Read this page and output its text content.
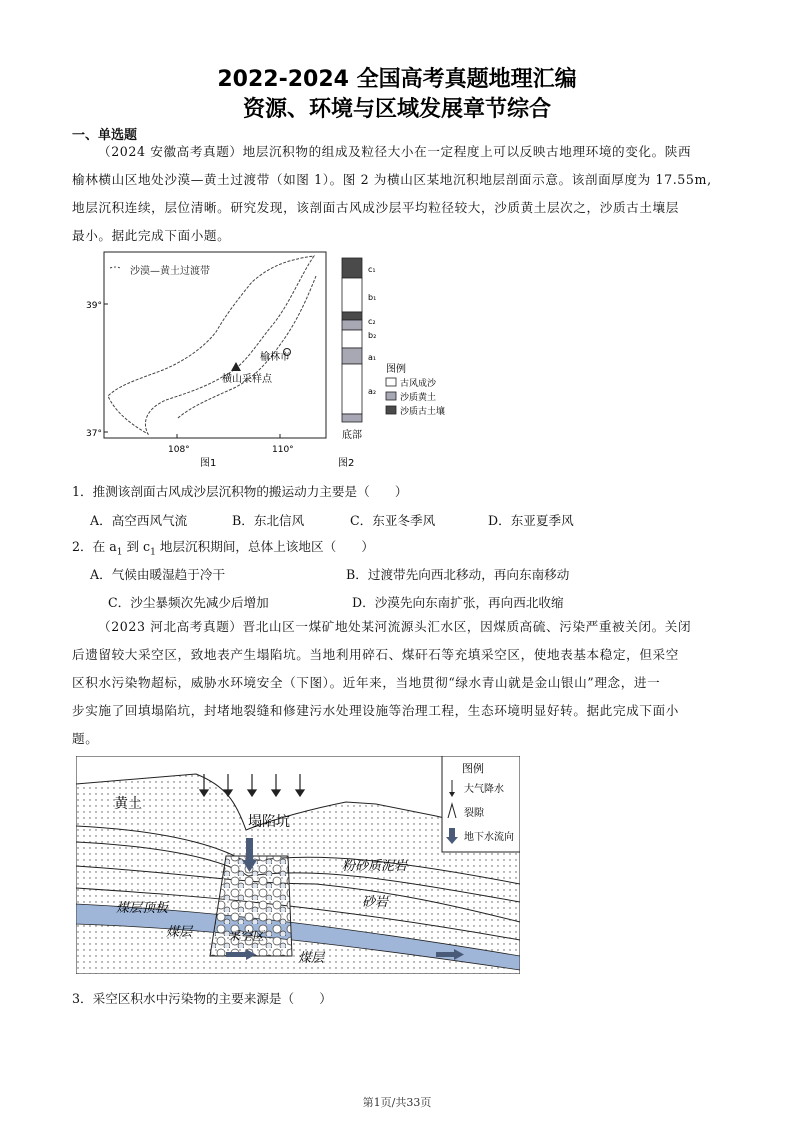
2022-2024 全国高考真题地理汇编
资源、环境与区域发展章节综合
一、单选题

（2024 安徽高考真题）地层沉积物的组成及粒径大小在一定程度上可以反映古地理环境的变化。陕西

榆林横山区地处沙漠—黄土过渡带（如图 1）。图 2 为横山区某地沉积地层剖面示意。该剖面厚度为 17.55m,

地层沉积连续，层位清晰。研究发现，该剖面古风成沙层平均粒径较大，沙质黄土层次之，沙质古土壤层

最小。据此完成下面小题。

沙漠—黄土过渡带
榆林市
横山采样点
39°
37°
108°	110°
图1
c₁
b₁
c₂
b₂
a₁
a₂
底部
图例
古风成沙
沙质黄土
沙质古土壤
图2
1．推测该剖面古风成沙层沉积物的搬运动力主要是（　　）
A．高空西风气流	B．东北信风	C．东亚冬季风	D．东亚夏季风
2．在 $a_1$ 到 $c_1$ 地层沉积期间，总体上该地区（　　）
A．气候由暖湿趋于冷干	B．过渡带先向西北移动，再向东南移动
C．沙尘暴频次先减少后增加	D．沙漠先向东南扩张，再向西北收缩

（2023 河北高考真题）晋北山区一煤矿地处某河流源头汇水区，因煤质高硫、污染严重被关闭。关闭

后遗留较大采空区，致地表产生塌陷坑。当地利用碎石、煤矸石等充填采空区，使地表基本稳定，但采空

区积水污染物超标，威胁水环境安全（下图）。近年来，当地贯彻“绿水青山就是金山银山”理念，进一

步实施了回填塌陷坑，封堵地裂缝和修建污水处理设施等治理工程，生态环境明显好转。据此完成下面小

题。

黄土
塌陷坑
煤层顶板
煤层	采空区
煤层
粉砂质泥岩
砂岩
图例
大气降水
裂隙
地下水流向
3．采空区积水中污染物的主要来源是（　　）
第1页/共33页
